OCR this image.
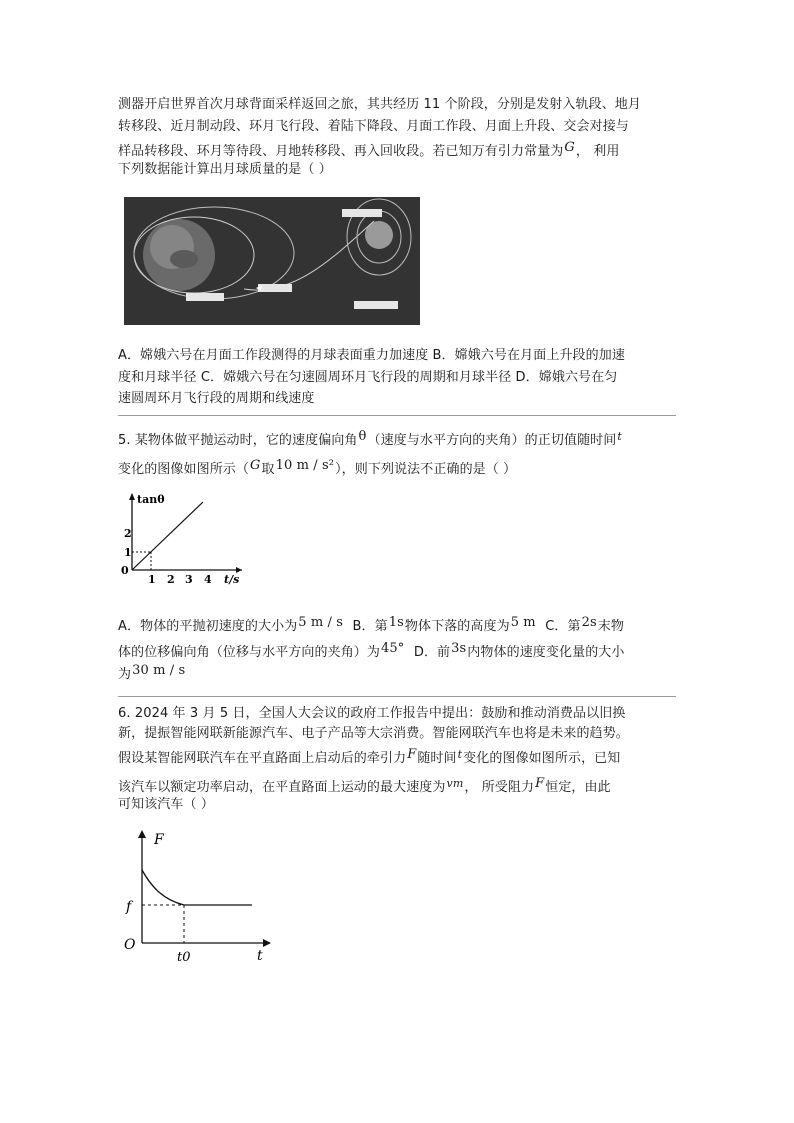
测器开启世界首次月球背面采样返回之旅，其共经历 11 个阶段，分别是发射入轨段、地月

转移段、近月制动段、环月飞行段、着陆下降段、月面工作段、月面上升段、交会对接与

样品转移段、环月等待段、月地转移段、再入回收段。若已知万有引力常量为G， 利用

下列数据能计算出月球质量的是（ ）

A．嫦娥六号在月面工作段测得的月球表面重力加速度 B．嫦娥六号在月面上升段的加速

度和月球半径 C．嫦娥六号在匀速圆周环月飞行段的周期和月球半径 D．嫦娥六号在匀

速圆周环月飞行段的周期和线速度

5. 某物体做平抛运动时，它的速度偏向角θ（速度与水平方向的夹角）的正切值随时间$^t$

变化的图像如图所示（G取10 m / s²），则下列说法不正确的是（ ）

tanθ
t/s
0
1
2
1 2 3 4

A．物体的平抛初速度的大小为5 m / s B．第1s物体下落的高度为5 m C．第2s末物

体的位移偏向角（位移与水平方向的夹角）为45° D．前3s内物体的速度变化量的大小

为30 m / s

6. 2024 年 3 月 5 日，全国人大会议的政府工作报告中提出：鼓励和推动消费品以旧换

新，提振智能网联新能源汽车、电子产品等大宗消费。智能网联汽车也将是未来的趋势。

假设某智能网联汽车在平直路面上启动后的牵引力F随时间$^t$变化的图像如图所示，已知

该汽车以额定功率启动，在平直路面上运动的最大速度为$^{vm}$， 所受阻力F恒定，由此

可知该汽车（ ）

F
t
O
f
t0
